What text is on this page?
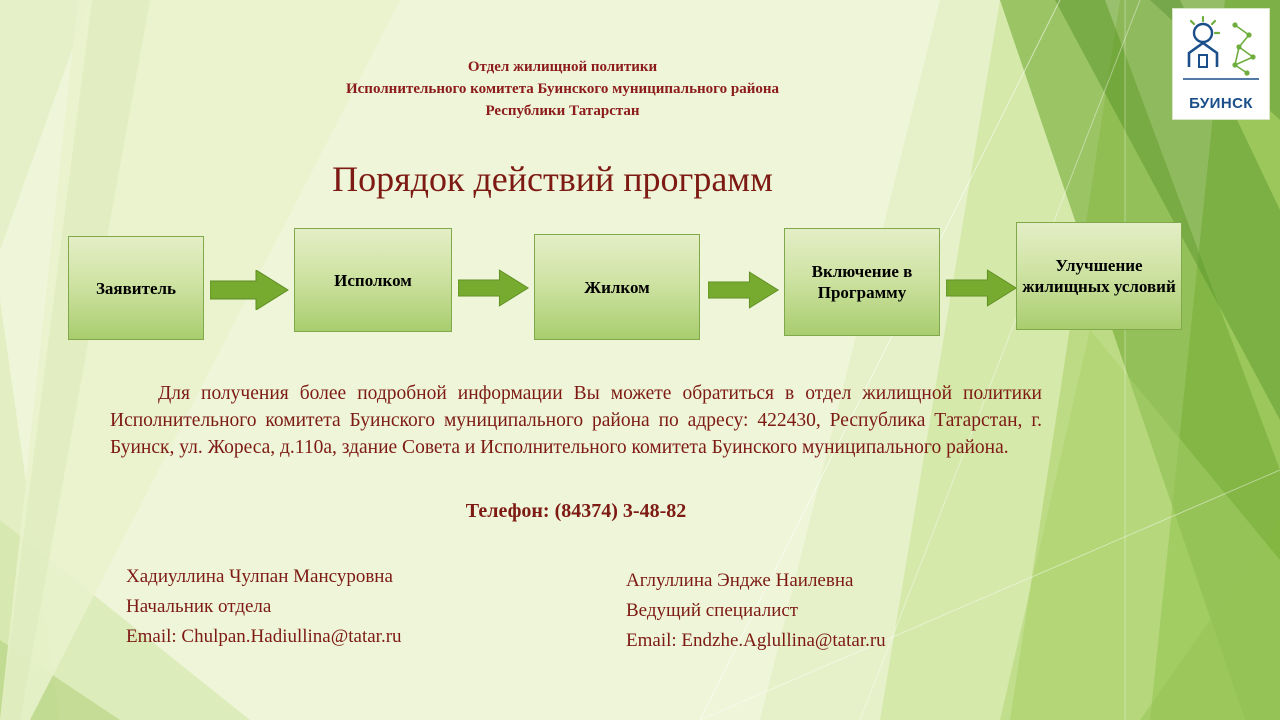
БУИНСК
Отдел жилищной политики
Исполнительного комитета Буинского муниципального района
Республики Татарстан
Порядок действий программ
Заявитель	Исполком	Жилком
Включение в Программу
Улучшение жилищных условий
Для получения более подробной информации Вы можете обратиться в отдел жилищной политики Исполнительного комитета Буинского муниципального района по адресу: 422430, Республика Татарстан, г. Буинск, ул. Жореса, д.110а, здание Совета и Исполнительного комитета Буинского муниципального района.
Телефон: (84374) 3-48-82
Хадиуллина Чулпан Мансуровна
Начальник отдела
Email: Chulpan.Hadiullina@tatar.ru
Аглуллина Эндже Наилевна
Ведущий специалист
Email: Endzhe.Aglullina@tatar.ru
